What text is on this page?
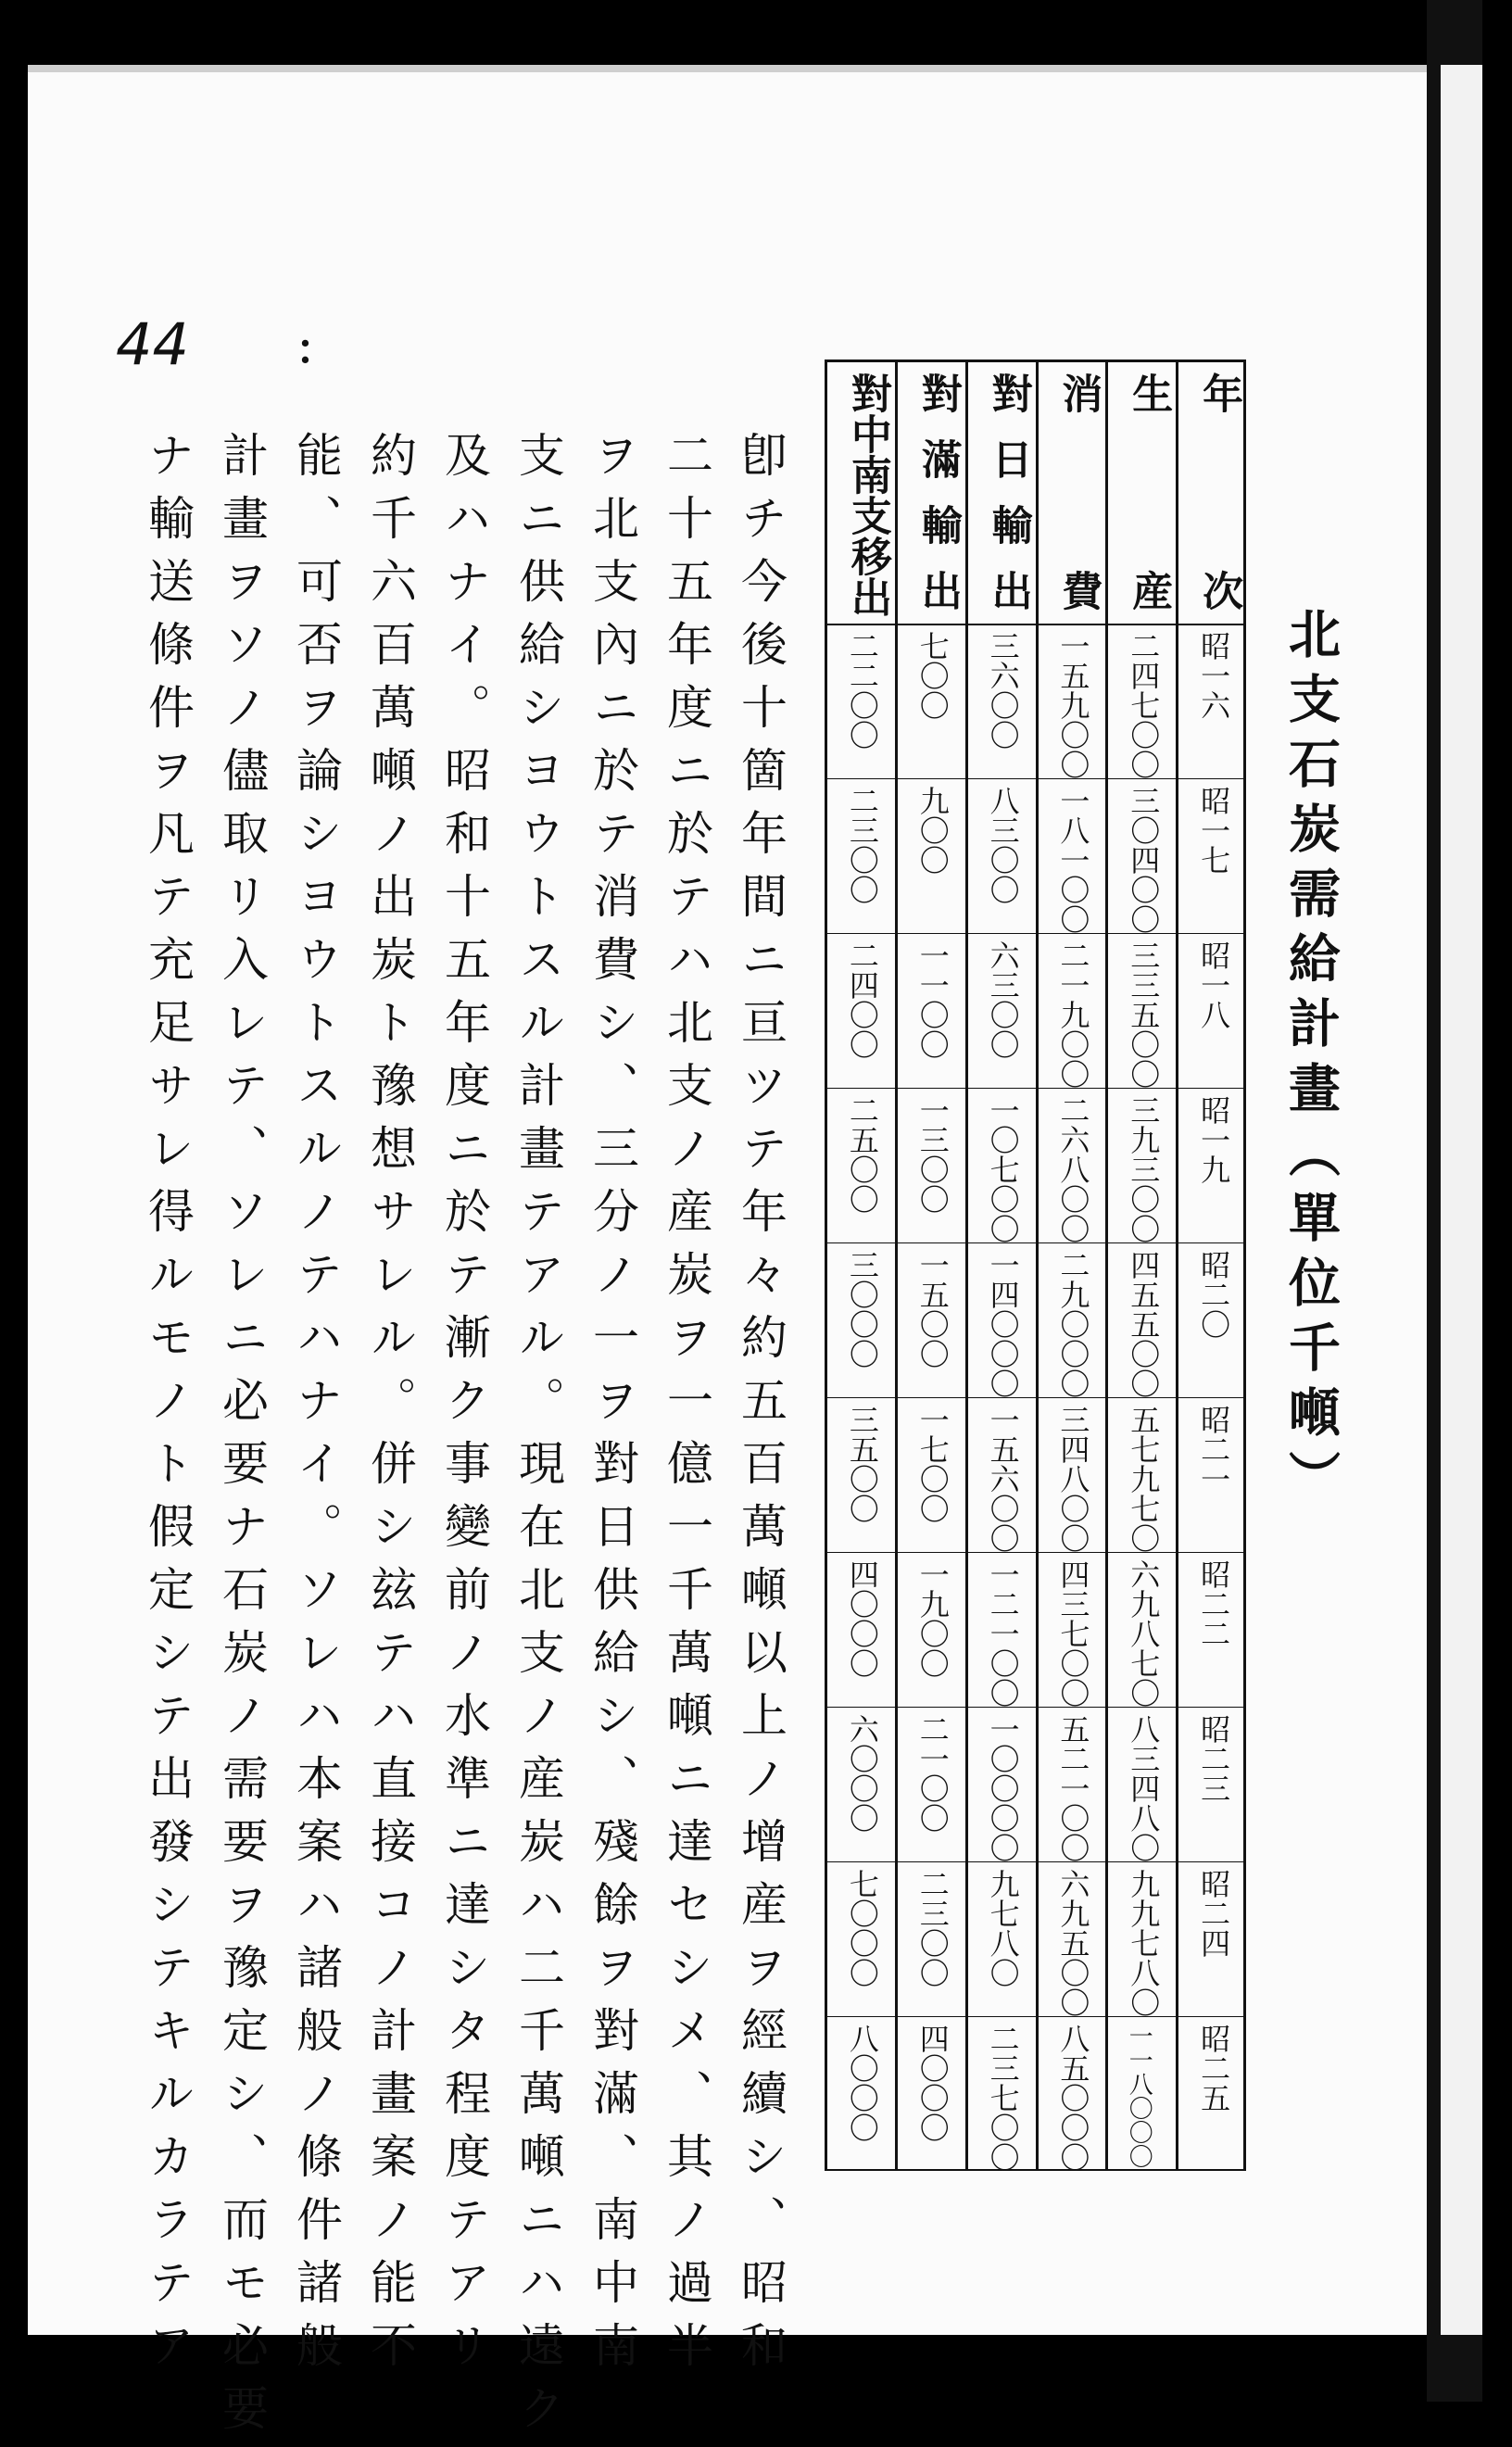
44 :
北支石炭需給計畫（單位千噸）
年次
昭一六
昭一七
昭一八
昭一九
昭二〇
昭二一
昭二二
昭二三
昭二四
昭二五
生産
二四七〇〇
三〇四〇〇
三三五〇〇
三九三〇〇
四五五〇〇
五七九七〇
六九八七〇
八三四八〇
九九七八〇
一一八〇〇〇
消費
一五九〇〇
一八一〇〇
二一九〇〇
二六八〇〇
二九〇〇〇
三四八〇〇
四三七〇〇
五二一〇〇
六九五〇〇
八五〇〇〇
對日輸出
三六〇〇
八三〇〇
六三〇〇
一〇七〇〇
一四〇〇〇
一五六〇〇
一二一〇〇
一〇〇〇〇
九七八〇
二三七〇〇
對滿輸出
七〇〇
九〇〇
一一〇〇
一三〇〇
一五〇〇
一七〇〇
一九〇〇
二一〇〇
二三〇〇
四〇〇〇
對中南支移出
二二〇〇
二三〇〇
二四〇〇
二五〇〇
三〇〇〇
三五〇〇
四〇〇〇
六〇〇〇
七〇〇〇
八〇〇〇
卽チ今後十箇年間ニ亘ツテ年々約五百萬噸以上ノ增産ヲ經續シ、昭和
二十五年度ニ於テハ北支ノ産炭ヲ一億一千萬噸ニ達セシメ、其ノ過半
ヲ北支內ニ於テ消費シ、三分ノ一ヲ對日供給シ、殘餘ヲ對滿、南中南
支ニ供給シヨウトスル計畫テアル。現在北支ノ産炭ハ二千萬噸ニハ遠ク
及ハナイ。昭和十五年度ニ於テ漸ク事變前ノ水準ニ達シタ程度テアリ
約千六百萬噸ノ出炭ト豫想サレル。併シ玆テハ直接コノ計畫案ノ能不
能、可否ヲ論シヨウトスルノテハナイ。ソレハ本案ハ諸般ノ條件諸般
計畫ヲソノ儘取リ入レテ、ソレニ必要ナ石炭ノ需要ヲ豫定シ、而モ必要
ナ輸送條件ヲ凡テ充足サレ得ルモノト假定シテ出發シテキルカラテア
